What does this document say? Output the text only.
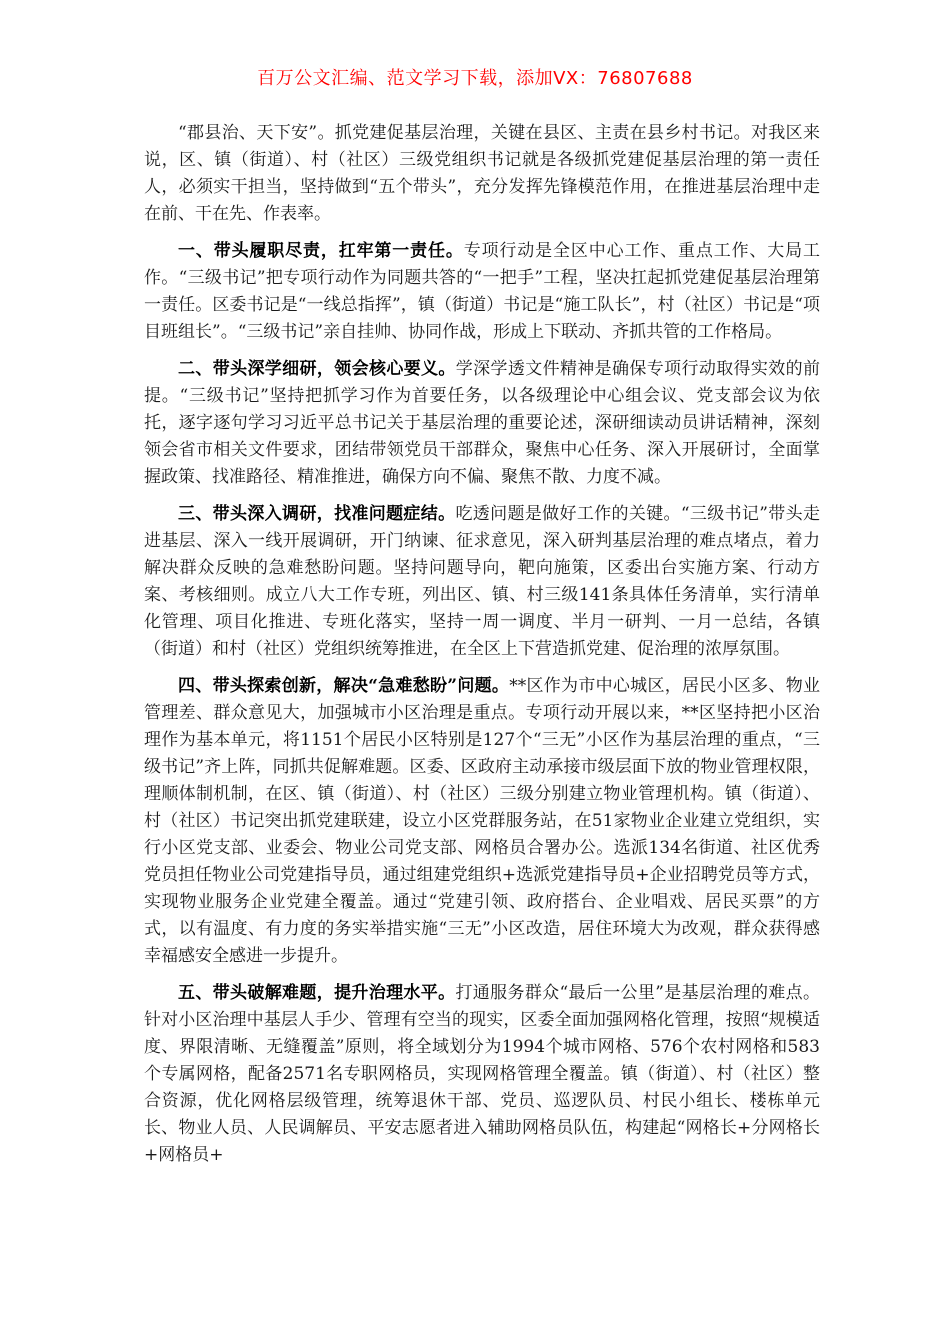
百万公文汇编、范文学习下载，添加VX：76807688

“郡县治、天下安”。抓党建促基层治理，关键在县区、主责在县乡村书记。对我区来说，区、镇（街道）、村（社区）三级党组织书记就是各级抓党建促基层治理的第一责任人，必须实干担当，坚持做到“五个带头”，充分发挥先锋模范作用，在推进基层治理中走在前、干在先、作表率。

一、带头履职尽责，扛牢第一责任。专项行动是全区中心工作、重点工作、大局工作。“三级书记”把专项行动作为同题共答的“一把手”工程，坚决扛起抓党建促基层治理第一责任。区委书记是“一线总指挥”，镇（街道）书记是“施工队长”，村（社区）书记是“项目班组长”。“三级书记”亲自挂帅、协同作战，形成上下联动、齐抓共管的工作格局。

二、带头深学细研，领会核心要义。学深学透文件精神是确保专项行动取得实效的前提。“三级书记”坚持把抓学习作为首要任务，以各级理论中心组会议、党支部会议为依托，逐字逐句学习习近平总书记关于基层治理的重要论述，深研细读动员讲话精神，深刻领会省市相关文件要求，团结带领党员干部群众，聚焦中心任务、深入开展研讨，全面掌握政策、找准路径、精准推进，确保方向不偏、聚焦不散、力度不减。

三、带头深入调研，找准问题症结。吃透问题是做好工作的关键。“三级书记”带头走进基层、深入一线开展调研，开门纳谏、征求意见，深入研判基层治理的难点堵点，着力解决群众反映的急难愁盼问题。坚持问题导向，靶向施策，区委出台实施方案、行动方案、考核细则。成立八大工作专班，列出区、镇、村三级141条具体任务清单，实行清单化管理、项目化推进、专班化落实，坚持一周一调度、半月一研判、一月一总结，各镇（街道）和村（社区）党组织统筹推进，在全区上下营造抓党建、促治理的浓厚氛围。

四、带头探索创新，解决“急难愁盼”问题。**区作为市中心城区，居民小区多、物业管理差、群众意见大，加强城市小区治理是重点。专项行动开展以来，**区坚持把小区治理作为基本单元，将1151个居民小区特别是127个“三无”小区作为基层治理的重点，“三级书记”齐上阵，同抓共促解难题。区委、区政府主动承接市级层面下放的物业管理权限，理顺体制机制，在区、镇（街道）、村（社区）三级分别建立物业管理机构。镇（街道）、村（社区）书记突出抓党建联建，设立小区党群服务站，在51家物业企业建立党组织，实行小区党支部、业委会、物业公司党支部、网格员合署办公。选派134名街道、社区优秀党员担任物业公司党建指导员，通过组建党组织+选派党建指导员+企业招聘党员等方式，实现物业服务企业党建全覆盖。通过“党建引领、政府搭台、企业唱戏、居民买票”的方式，以有温度、有力度的务实举措实施“三无”小区改造，居住环境大为改观，群众获得感幸福感安全感进一步提升。

五、带头破解难题，提升治理水平。打通服务群众“最后一公里”是基层治理的难点。针对小区治理中基层人手少、管理有空当的现实，区委全面加强网格化管理，按照“规模适度、界限清晰、无缝覆盖”原则，将全域划分为1994个城市网格、576个农村网格和583个专属网格，配备2571名专职网格员，实现网格管理全覆盖。镇（街道）、村（社区）整合资源，优化网格层级管理，统筹退休干部、党员、巡逻队员、村民小组长、楼栋单元长、物业人员、人民调解员、平安志愿者进入辅助网格员队伍，构建起“网格长+分网格长+网格员+
